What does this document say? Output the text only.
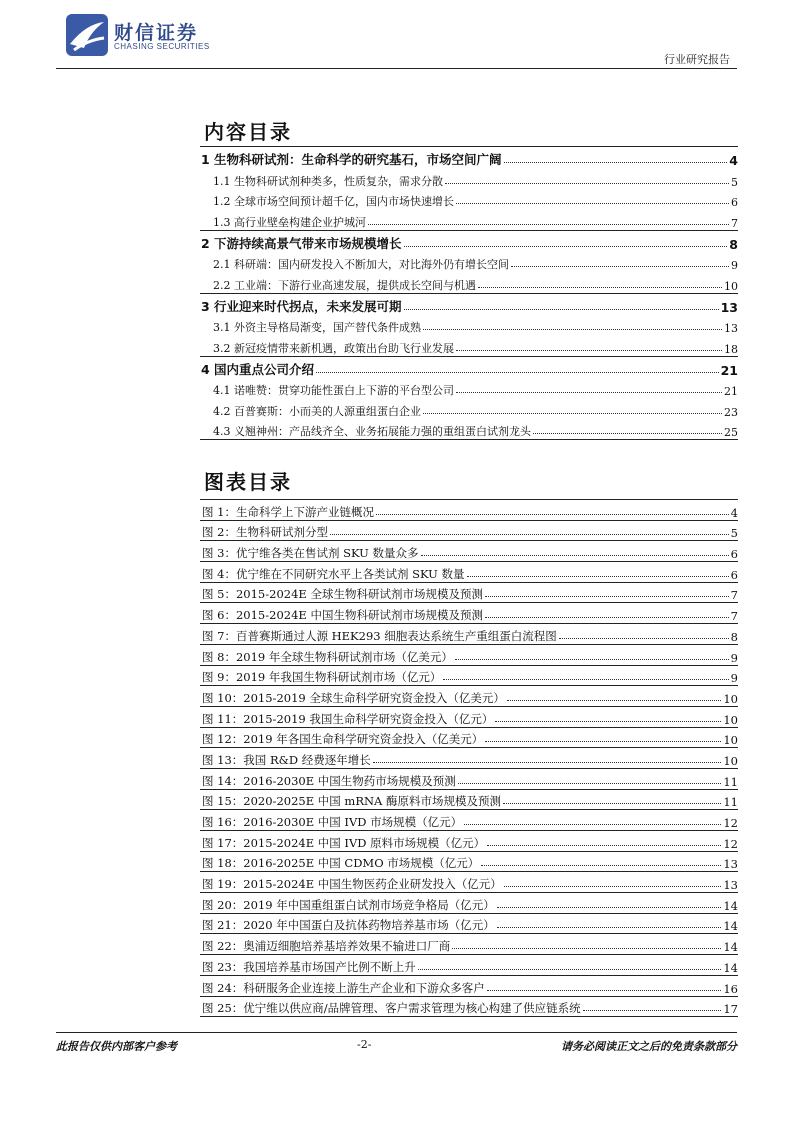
财信证券
CHASING SECURITIES
行业研究报告
内容目录
1 生物科研试剂：生命科学的研究基石，市场空间广阔	4
1.1 生物科研试剂种类多，性质复杂，需求分散	5
1.2 全球市场空间预计超千亿，国内市场快速增长	6
1.3 高行业壁垒构建企业护城河	7
2 下游持续高景气带来市场规模增长	8
2.1 科研端：国内研发投入不断加大，对比海外仍有增长空间	9
2.2 工业端：下游行业高速发展，提供成长空间与机遇	10
3 行业迎来时代拐点，未来发展可期	13
3.1 外资主导格局渐变，国产替代条件成熟	13
3.2 新冠疫情带来新机遇，政策出台助飞行业发展	18
4 国内重点公司介绍	21
4.1 诺唯赞：贯穿功能性蛋白上下游的平台型公司	21
4.2 百普赛斯：小而美的人源重组蛋白企业	23
4.3 义翘神州：产品线齐全、业务拓展能力强的重组蛋白试剂龙头	25
图表目录
图 1：生命科学上下游产业链概况	4
图 2：生物科研试剂分型	5
图 3：优宁维各类在售试剂 SKU 数量众多	6
图 4：优宁维在不同研究水平上各类试剂 SKU 数量	6
图 5：2015-2024E 全球生物科研试剂市场规模及预测	7
图 6：2015-2024E 中国生物科研试剂市场规模及预测	7
图 7：百普赛斯通过人源 HEK293 细胞表达系统生产重组蛋白流程图	8
图 8：2019 年全球生物科研试剂市场（亿美元）	9
图 9：2019 年我国生物科研试剂市场（亿元）	9
图 10：2015-2019 全球生命科学研究资金投入（亿美元）	10
图 11：2015-2019 我国生命科学研究资金投入（亿元）	10
图 12：2019 年各国生命科学研究资金投入（亿美元）	10
图 13：我国 R&D 经费逐年增长	10
图 14：2016-2030E 中国生物药市场规模及预测	11
图 15：2020-2025E 中国 mRNA 酶原料市场规模及预测	11
图 16：2016-2030E 中国 IVD 市场规模（亿元）	12
图 17：2015-2024E 中国 IVD 原料市场规模（亿元）	12
图 18：2016-2025E 中国 CDMO 市场规模（亿元）	13
图 19：2015-2024E 中国生物医药企业研发投入（亿元）	13
图 20：2019 年中国重组蛋白试剂市场竞争格局（亿元）	14
图 21：2020 年中国蛋白及抗体药物培养基市场（亿元）	14
图 22：奥浦迈细胞培养基培养效果不输进口厂商	14
图 23：我国培养基市场国产比例不断上升	14
图 24：科研服务企业连接上游生产企业和下游众多客户	16
图 25：优宁维以供应商/品牌管理、客户需求管理为核心构建了供应链系统	17
此报告仅供内部客户参考	-2-	请务必阅读正文之后的免责条款部分
